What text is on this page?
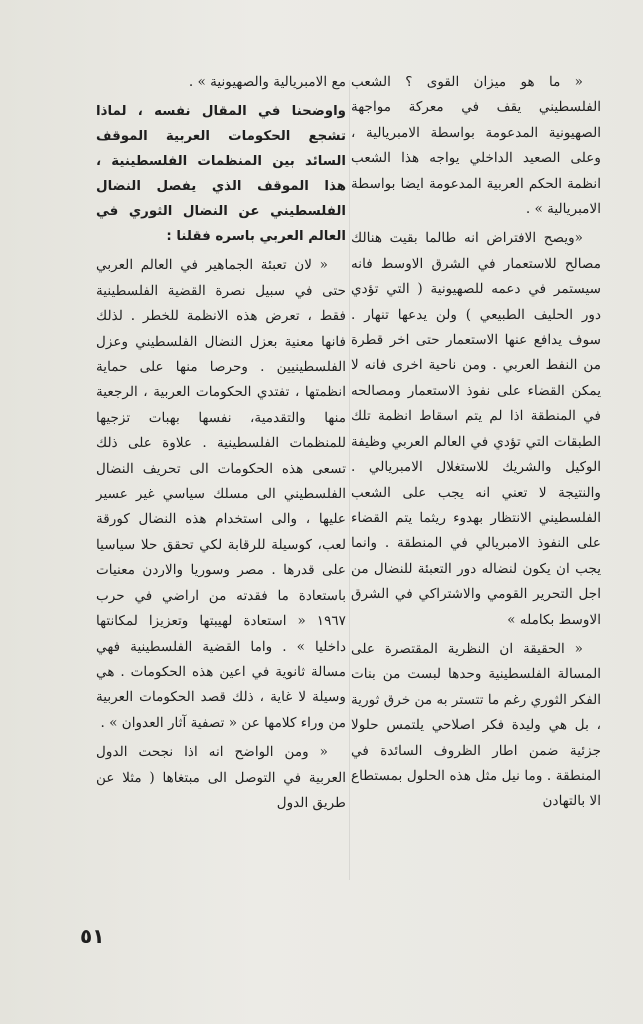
« ما هو ميزان القوى ؟ الشعب الفلسطيني يقف في معركة مواجهة الصهيونية المدعومة بواسطة الامبريالية ، وعلى الصعيد الداخلي يواجه هذا الشعب انظمة الحكم العربية المدعومة ايضا بواسطة الامبريالية » .

«ويصح الافتراض انه طالما بقيت هنالك مصالح للاستعمار في الشرق الاوسط فانه سيستمر في دعمه للصهيونية ( التي تؤدي دور الحليف الطبيعي ) ولن يدعها تنهار . سوف يدافع عنها الاستعمار حتى اخر قطرة من النفط العربي . ومن ناحية اخرى فانه لا يمكن القضاء على نفوذ الاستعمار ومصالحه في المنطقة اذا لم يتم اسقاط انظمة تلك الطبقات التي تؤدي في العالم العربي وظيفة الوكيل والشريك للاستغلال الامبريالي . والنتيجة لا تعني انه يجب على الشعب الفلسطيني الانتظار بهدوء ريثما يتم القضاء على النفوذ الامبريالي في المنطقة . وانما يجب ان يكون لنضاله دور التعبئة للنضال من اجل التحرير القومي والاشتراكي في الشرق الاوسط بكامله »

« الحقيقة ان النظرية المقتصرة على المسالة الفلسطينية وحدها لبست من بنات الفكر الثوري رغم ما تتستر به من خرق ثورية ، بل هي وليدة فكر اصلاحي يلتمس حلولا جزئية ضمن اطار الظروف السائدة في المنطقة . وما نيل مثل هذه الحلول بمستطاع الا بالتهادن

مع الامبريالية والصهيونية » .

واوضحنا في المقال نفسه ، لماذا تشجع الحكومات العربية الموقف السائد بين المنظمات الفلسطينية ، هذا الموقف الذي يفصل النضال الفلسطيني عن النضال الثوري في العالم العربي باسره فقلنا :

« لان تعبئة الجماهير في العالم العربي حتى في سبيل نصرة القضية الفلسطينية فقط ، تعرض هذه الانظمة للخطر . لذلك فانها معنية بعزل النضال الفلسطيني وعزل الفلسطينيين . وحرصا منها على حماية انظمتها ، تفتدي الحكومات العربية ، الرجعية منها والتقدمية، نفسها بهبات تزجيها للمنظمات الفلسطينية . علاوة على ذلك تسعى هذه الحكومات الى تحريف النضال الفلسطيني الى مسلك سياسي غير عسير عليها ، والى استخدام هذه النضال كورقة لعب، كوسيلة للرقابة لكي تحقق حلا سياسيا على قدرها . مصر وسوريا والاردن معنيات باستعادة ما فقدته من اراضي في حرب ١٩٦٧ « استعادة لهيبتها وتعزيزا لمكانتها داخليا » . واما القضية الفلسطينية فهي مسالة ثانوية في اعين هذه الحكومات . هي وسيلة لا غاية ، ذلك قصد الحكومات العربية من وراء كلامها عن « تصفية آثار العدوان » .

« ومن الواضح انه اذا نجحت الدول العربية في التوصل الى مبتغاها ( مثلا عن طريق الدول

٥١
